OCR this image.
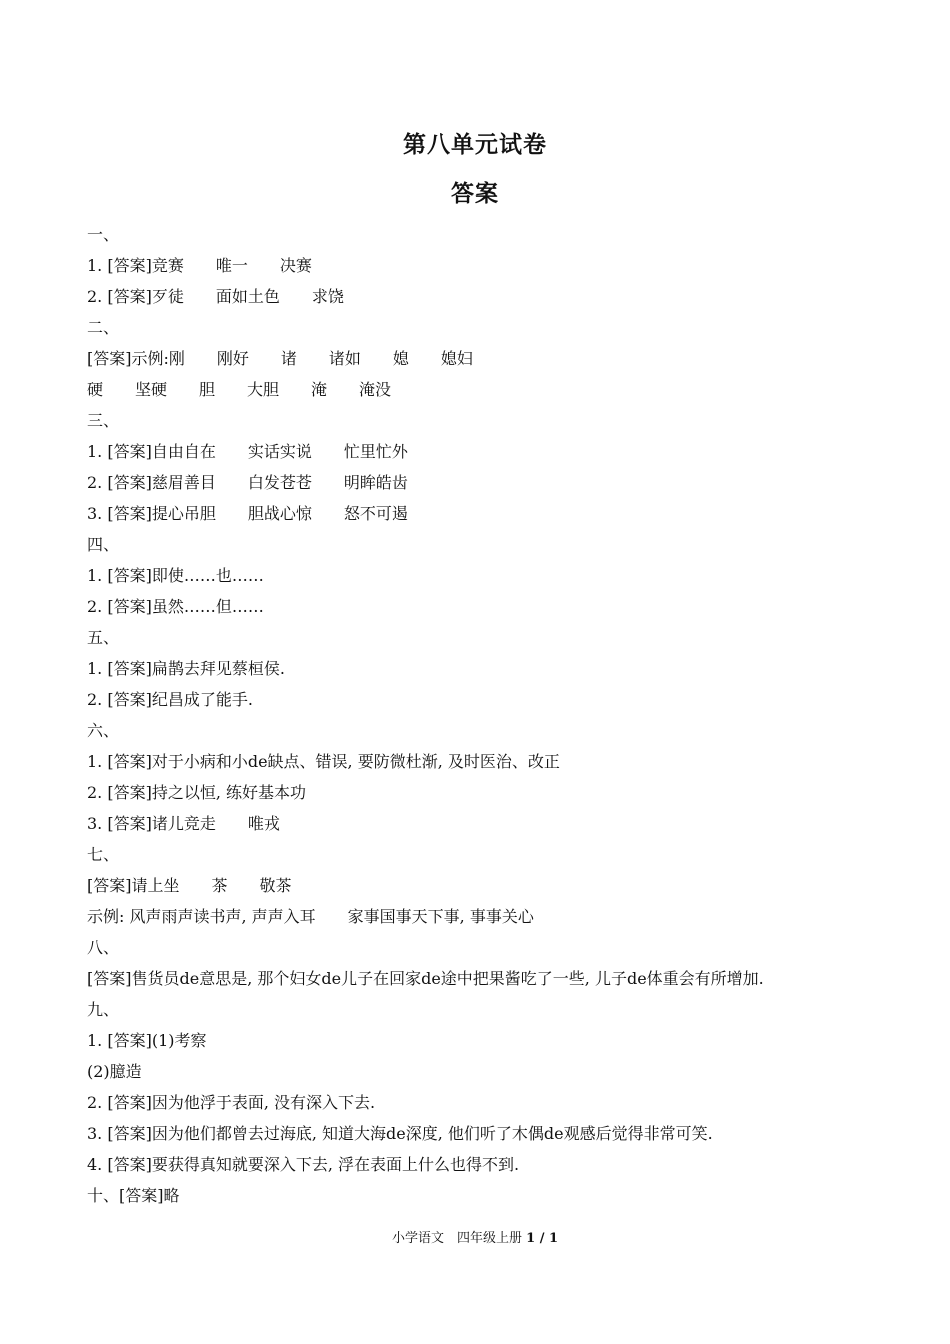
第八单元试卷
答案
一、
1. [答案]竞赛　　唯一　　决赛
2. [答案]歹徒　　面如土色　　求饶
二、
[答案]示例:刚　　刚好　　诸　　诸如　　媳　　媳妇
硬　　坚硬　　胆　　大胆　　淹　　淹没
三、
1. [答案]自由自在　　实话实说　　忙里忙外
2. [答案]慈眉善目　　白发苍苍　　明眸皓齿
3. [答案]提心吊胆　　胆战心惊　　怒不可遏
四、
1. [答案]即使……也……
2. [答案]虽然……但……
五、
1. [答案]扁鹊去拜见蔡桓侯.
2. [答案]纪昌成了能手.
六、
1. [答案]对于小病和小de缺点、错误, 要防微杜渐, 及时医治、改正
2. [答案]持之以恒, 练好基本功
3. [答案]诸儿竞走　　唯戎
七、
[答案]请上坐　　茶　　敬茶
示例: 风声雨声读书声, 声声入耳　　家事国事天下事, 事事关心
八、
[答案]售货员de意思是, 那个妇女de儿子在回家de途中把果酱吃了一些, 儿子de体重会有所增加.
九、
1. [答案](1)考察
(2)臆造
2. [答案]因为他浮于表面, 没有深入下去.
3. [答案]因为他们都曾去过海底, 知道大海de深度, 他们听了木偶de观感后觉得非常可笑.
4. [答案]要获得真知就要深入下去, 浮在表面上什么也得不到.
十、[答案]略
小学语文　四年级上册 1 / 1
